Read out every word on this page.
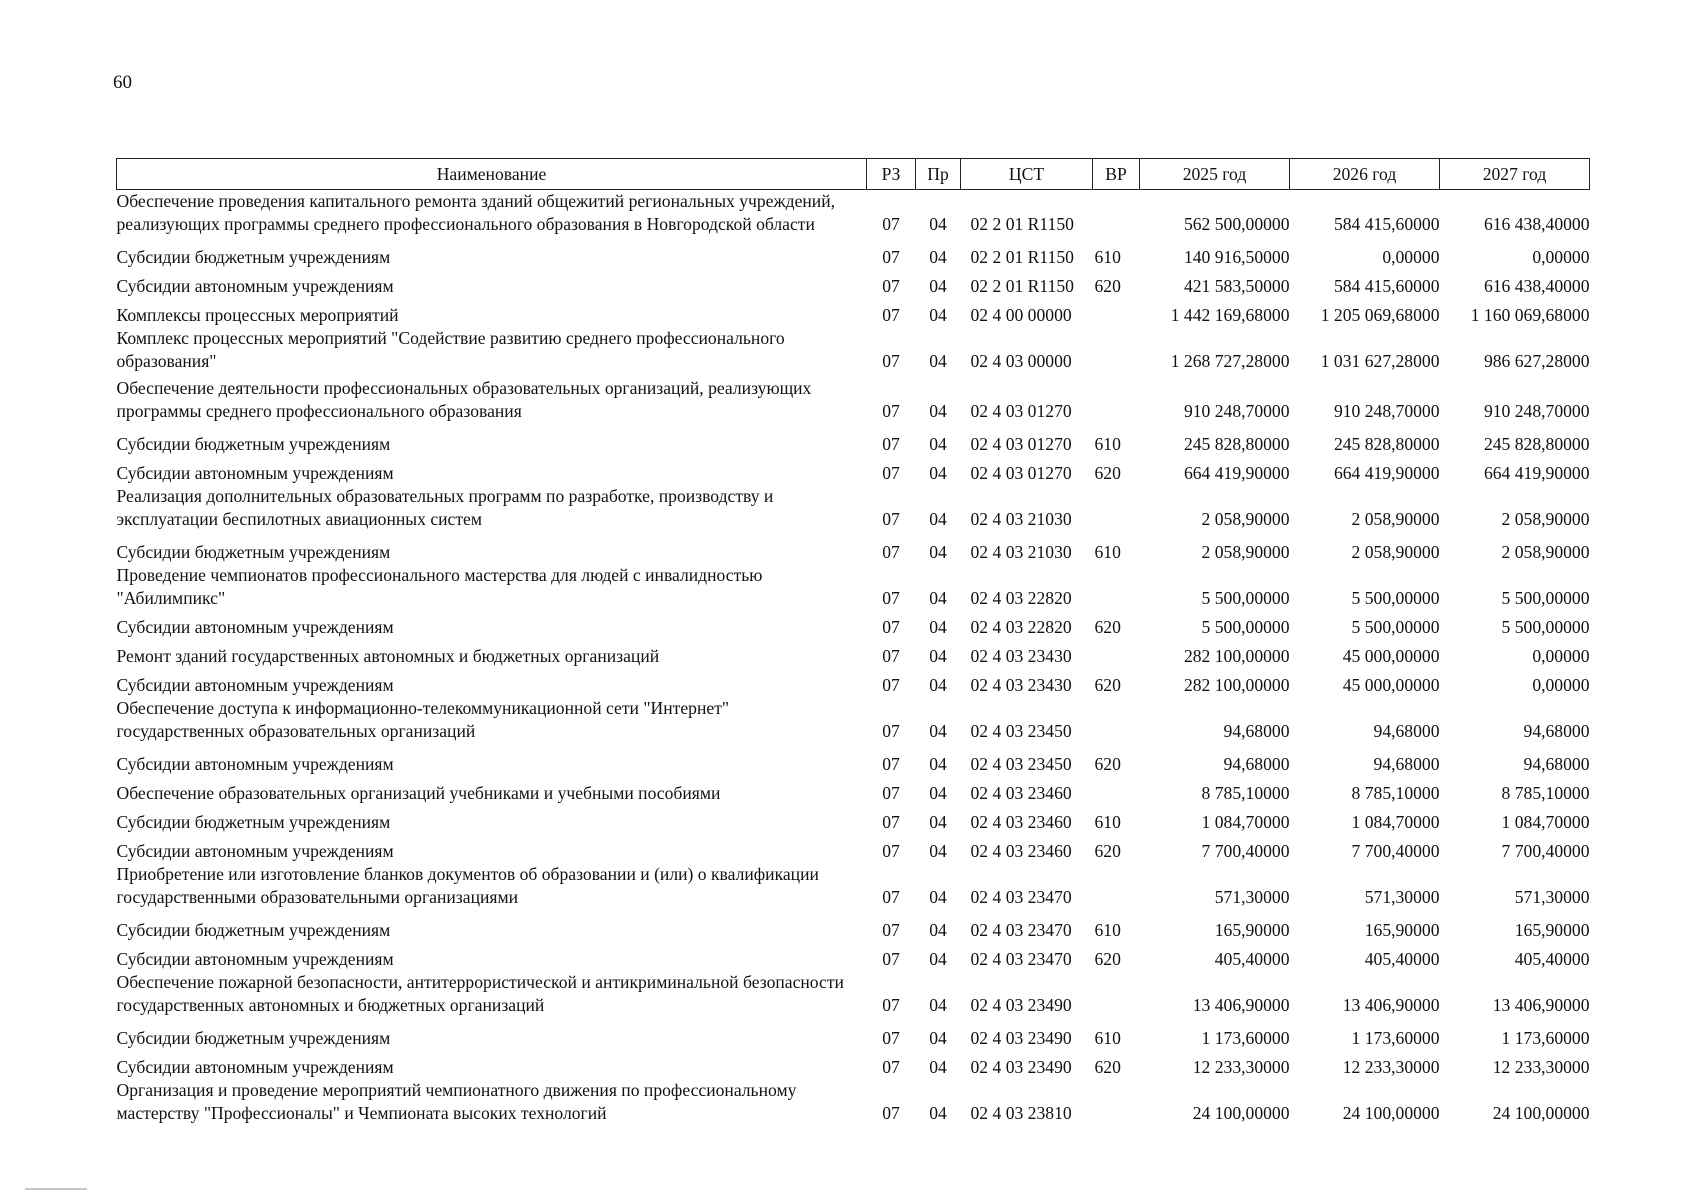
60
Наименование	РЗ	Пр	ЦСТ	ВР	2025 год	2026 год	2027 год
Обеспечение проведения капитального ремонта зданий общежитий региональных учреждений, реализующих программы среднего профессионального образования в Новгородской области	07	04	02 2 01 R1150		562 500,00000	584 415,60000	616 438,40000
Субсидии бюджетным учреждениям	07	04	02 2 01 R1150	610	140 916,50000	0,00000	0,00000
Субсидии автономным учреждениям	07	04	02 2 01 R1150	620	421 583,50000	584 415,60000	616 438,40000
Комплексы процессных мероприятий	07	04	02 4 00 00000		1 442 169,68000	1 205 069,68000	1 160 069,68000
Комплекс процессных мероприятий "Содействие развитию среднего профессионального образования"	07	04	02 4 03 00000		1 268 727,28000	1 031 627,28000	986 627,28000
Обеспечение деятельности профессиональных образовательных организаций, реализующих программы среднего профессионального образования	07	04	02 4 03 01270		910 248,70000	910 248,70000	910 248,70000
Субсидии бюджетным учреждениям	07	04	02 4 03 01270	610	245 828,80000	245 828,80000	245 828,80000
Субсидии автономным учреждениям	07	04	02 4 03 01270	620	664 419,90000	664 419,90000	664 419,90000
Реализация дополнительных образовательных программ по разработке, производству и эксплуатации беспилотных авиационных систем	07	04	02 4 03 21030		2 058,90000	2 058,90000	2 058,90000
Субсидии бюджетным учреждениям	07	04	02 4 03 21030	610	2 058,90000	2 058,90000	2 058,90000
Проведение чемпионатов профессионального мастерства для людей с инвалидностью "Абилимпикс"	07	04	02 4 03 22820		5 500,00000	5 500,00000	5 500,00000
Субсидии автономным учреждениям	07	04	02 4 03 22820	620	5 500,00000	5 500,00000	5 500,00000
Ремонт зданий государственных автономных и бюджетных организаций	07	04	02 4 03 23430		282 100,00000	45 000,00000	0,00000
Субсидии автономным учреждениям	07	04	02 4 03 23430	620	282 100,00000	45 000,00000	0,00000
Обеспечение доступа к информационно-телекоммуникационной сети "Интернет" государственных образовательных организаций	07	04	02 4 03 23450		94,68000	94,68000	94,68000
Субсидии автономным учреждениям	07	04	02 4 03 23450	620	94,68000	94,68000	94,68000
Обеспечение образовательных организаций учебниками и учебными пособиями	07	04	02 4 03 23460		8 785,10000	8 785,10000	8 785,10000
Субсидии бюджетным учреждениям	07	04	02 4 03 23460	610	1 084,70000	1 084,70000	1 084,70000
Субсидии автономным учреждениям	07	04	02 4 03 23460	620	7 700,40000	7 700,40000	7 700,40000
Приобретение или изготовление бланков документов об образовании и (или) о квалификации государственными образовательными организациями	07	04	02 4 03 23470		571,30000	571,30000	571,30000
Субсидии бюджетным учреждениям	07	04	02 4 03 23470	610	165,90000	165,90000	165,90000
Субсидии автономным учреждениям	07	04	02 4 03 23470	620	405,40000	405,40000	405,40000
Обеспечение пожарной безопасности, антитеррористической и антикриминальной безопасности государственных автономных и бюджетных организаций	07	04	02 4 03 23490		13 406,90000	13 406,90000	13 406,90000
Субсидии бюджетным учреждениям	07	04	02 4 03 23490	610	1 173,60000	1 173,60000	1 173,60000
Субсидии автономным учреждениям	07	04	02 4 03 23490	620	12 233,30000	12 233,30000	12 233,30000
Организация и проведение мероприятий чемпионатного движения по профессиональному мастерству "Профессионалы" и Чемпионата высоких технологий	07	04	02 4 03 23810		24 100,00000	24 100,00000	24 100,00000
